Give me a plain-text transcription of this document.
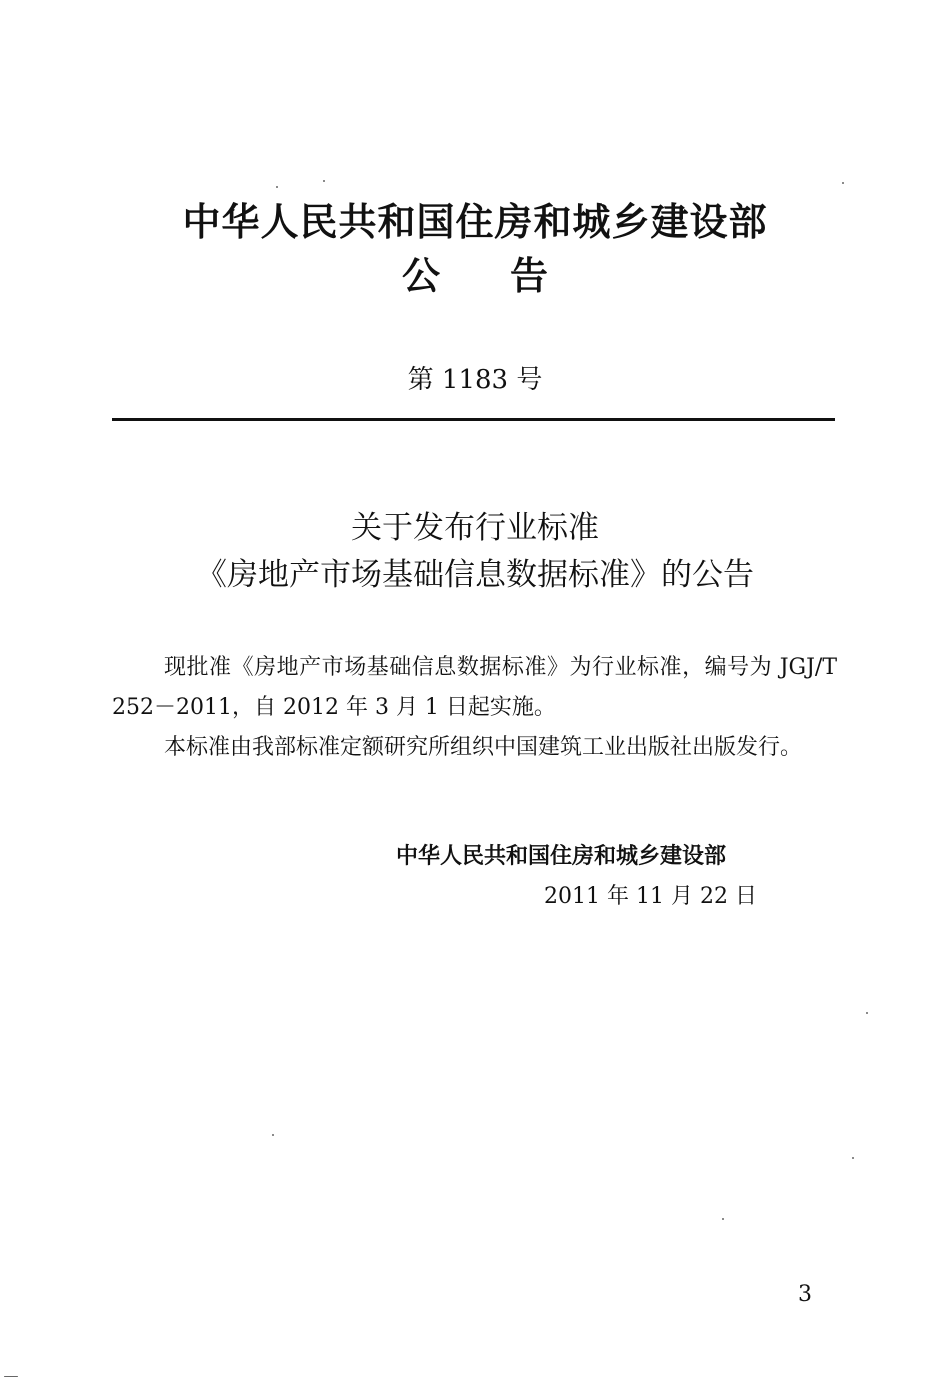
中华人民共和国住房和城乡建设部
公告
第 1183 号
关于发布行业标准
《房地产市场基础信息数据标准》的公告
现批准《房地产市场基础信息数据标准》为行业标准，编号为 JGJ/T 252－2011，自 2012 年 3 月 1 日起实施。
本标准由我部标准定额研究所组织中国建筑工业出版社出版发行。
中华人民共和国住房和城乡建设部
2011 年 11 月 22 日
3
